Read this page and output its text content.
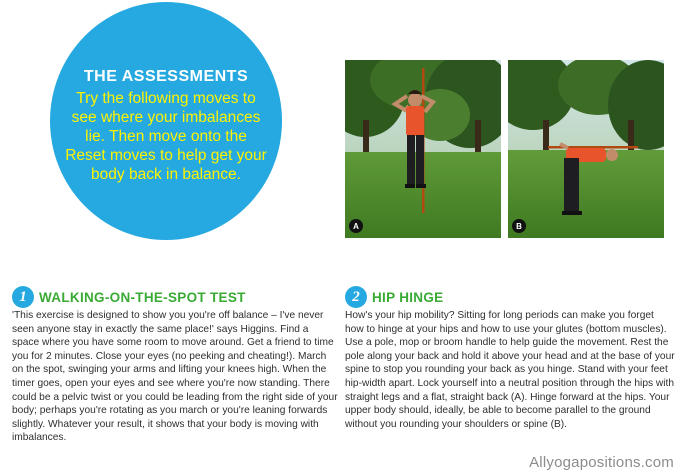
THE ASSESSMENTS
Try the following moves to see where your imbalances lie. Then move onto the Reset moves to help get your body back in balance.
A	B
1 WALKING-ON-THE-SPOT TEST
'This exercise is designed to show you you're off balance – I've never seen anyone stay in exactly the same place!' says Higgins. Find a space where you have some room to move around. Get a friend to time you for 2 minutes. Close your eyes (no peeking and cheating!). March on the spot, swinging your arms and lifting your knees high. When the timer goes, open your eyes and see where you're now standing. There could be a pelvic twist or you could be leading from the right side of your body; perhaps you're rotating as you march or you're leaning forwards slightly. Whatever your result, it shows that your body is moving with imbalances.
2 HIP HINGE
How's your hip mobility? Sitting for long periods can make you forget how to hinge at your hips and how to use your glutes (bottom muscles). Use a pole, mop or broom handle to help guide the movement. Rest the pole along your back and hold it above your head and at the base of your spine to stop you rounding your back as you hinge. Stand with your feet hip-width apart. Lock yourself into a neutral position through the hips with straight legs and a flat, straight back (A). Hinge forward at the hips. Your upper body should, ideally, be able to become parallel to the ground without you rounding your shoulders or spine (B).
Allyogapositions.com
